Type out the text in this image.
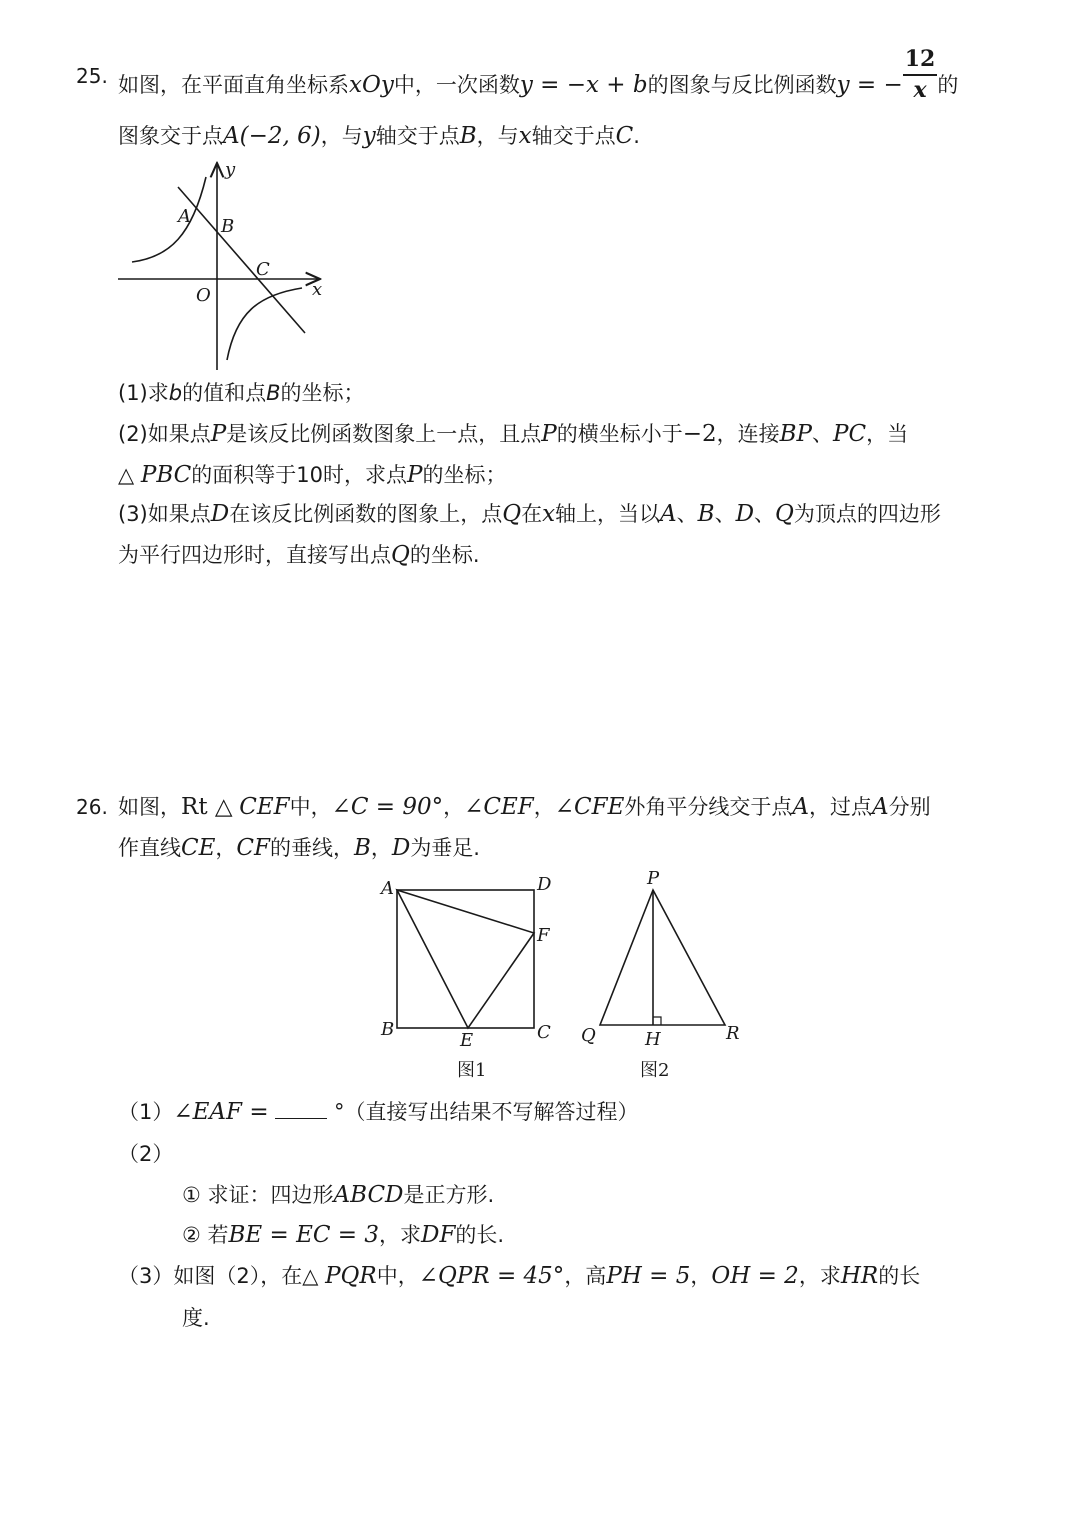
25. 如图，在平面直角坐标系xOy中，一次函数y = −x + b的图象与反比例函数y = − $\frac{12}{x}$ 的
图象交于点A(−2, 6)，与y轴交于点B，与x轴交于点C.
A B
C
O	x
y
(1)求b的值和点B的坐标；
(2)如果点P是该反比例函数图象上一点，且点P的横坐标小于−2，连接BP、PC，当
△ PBC的面积等于10时，求点P的坐标；
(3)如果点D在该反比例函数的图象上，点Q在x轴上，当以A、B、D、Q为顶点的四边形
为平行四边形时，直接写出点Q的坐标.
26. 如图，Rt △ CEF中，∠C = 90°，∠CEF，∠CFE外角平分线交于点A，过点A分别
作直线CE，CF的垂线，B，D为垂足.
A	D
F
B
E	C
图1
P
Q	H	R
图2
（1）∠EAF =	°（直接写出结果不写解答过程）
（2）
① 求证：四边形ABCD是正方形.
② 若BE = EC = 3，求DF的长.
（3）如图（2），在△ PQR中，∠QPR = 45°，高PH = 5，OH = 2，求HR的长
度.
